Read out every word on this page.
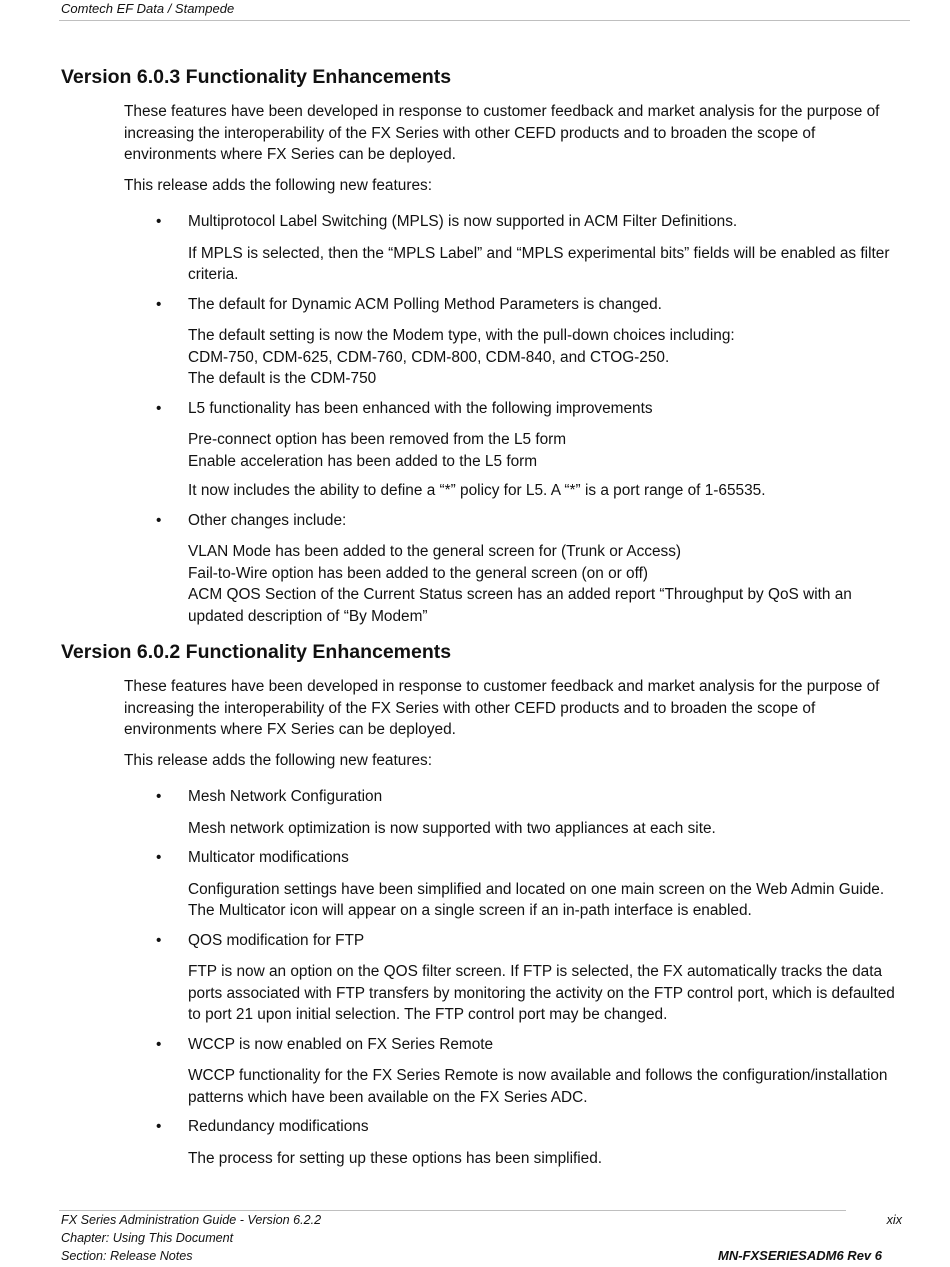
Comtech EF Data / Stampede
Version 6.0.3 Functionality Enhancements

These features have been developed in response to customer feedback and market analysis for the purpose of increasing the interoperability of the FX Series with other CEFD products and to broaden the scope of environments where FX Series can be deployed.

This release adds the following new features:

• Multiprotocol Label Switching (MPLS) is now supported in ACM Filter Definitions.
If MPLS is selected, then the “MPLS Label” and “MPLS experimental bits” fields will be enabled as filter criteria.
• The default for Dynamic ACM Polling Method Parameters is changed.
The default setting is now the Modem type, with the pull-down choices including:
CDM-750, CDM-625, CDM-760, CDM-800, CDM-840, and CTOG-250.
The default is the CDM-750
• L5 functionality has been enhanced with the following improvements
Pre-connect option has been removed from the L5 form
Enable acceleration has been added to the L5 form
It now includes the ability to define a “*” policy for L5. A “*” is a port range of 1-65535.
• Other changes include:
VLAN Mode has been added to the general screen for (Trunk or Access)
Fail-to-Wire option has been added to the general screen (on or off)
ACM QOS Section of the Current Status screen has an added report “Throughput by QoS with an updated description of “By Modem”
Version 6.0.2 Functionality Enhancements

These features have been developed in response to customer feedback and market analysis for the purpose of increasing the interoperability of the FX Series with other CEFD products and to broaden the scope of environments where FX Series can be deployed.

This release adds the following new features:

• Mesh Network Configuration
Mesh network optimization is now supported with two appliances at each site.
• Multicator modifications
Configuration settings have been simplified and located on one main screen on the Web Admin Guide. The Multicator icon will appear on a single screen if an in-path interface is enabled.
• QOS modification for FTP
FTP is now an option on the QOS filter screen. If FTP is selected, the FX automatically tracks the data ports associated with FTP transfers by monitoring the activity on the FTP control port, which is defaulted to port 21 upon initial selection. The FTP control port may be changed.
• WCCP is now enabled on FX Series Remote
WCCP functionality for the FX Series Remote is now available and follows the configuration/installation patterns which have been available on the FX Series ADC.
• Redundancy modifications
The process for setting up these options has been simplified.
FX Series Administration Guide - Version 6.2.2
Chapter: Using This Document
Section: Release Notes
xix
MN-FXSERIESADM6 Rev 6
